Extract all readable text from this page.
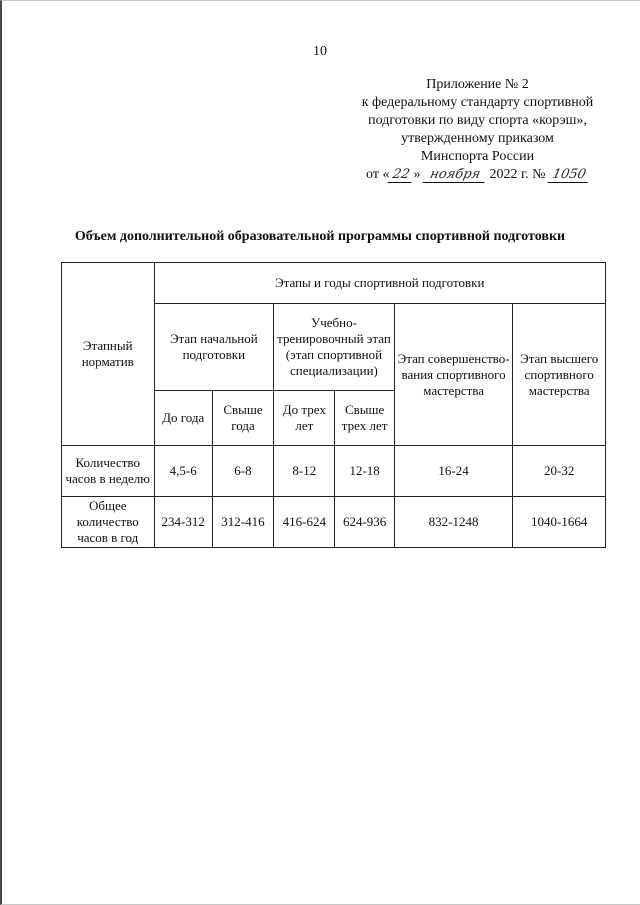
10
Приложение № 2
к федеральному стандарту спортивной
подготовки по виду спорта «корэш»,
утвержденному приказом
Минспорта России
от « 22 » ноября 2022 г. № 1050
Объем дополнительной образовательной программы спортивной подготовки
Этапный норматив	Этапы и годы спортивной подготовки					
	Этап начальной подготовки		Учебно-тренировочный этап (этап спортивной специализации)		Этап совершенство-вания спортивного мастерства	Этап высшего спортивного мастерства
	До года	Свыше года	До трех лет	Свыше трех лет		
Количество часов в неделю	4,5-6	6-8	8-12	12-18	16-24	20-32
Общее количество часов в год	234-312	312-416	416-624	624-936	832-1248	1040-1664
